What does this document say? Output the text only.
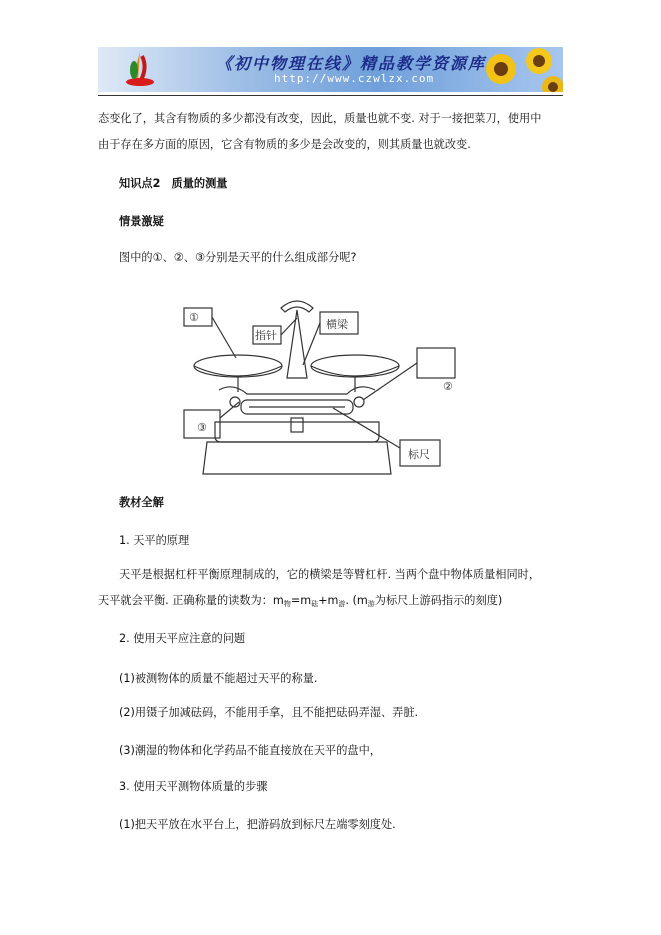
《初中物理在线》精品教学资源库
http://www.czwlzx.com
态变化了，其含有物质的多少都没有改变，因此，质量也就不变. 对于一接把菜刀，使用中
由于存在多方面的原因，它含有物质的多少是会改变的，则其质量也就改变.
知识点2　质量的测量
情景激疑
图中的①、②、③分别是天平的什么组成部分呢?
①
指针
横梁
②
③
标尺
教材全解
1. 天平的原理
天平是根据杠杆平衡原理制成的，它的横梁是等臂杠杆. 当两个盘中物体质量相同时，
天平就会平衡. 正确称量的读数为：$m_物=m_砝+m_游$. ($m_游$为标尺上游码指示的刻度)
2. 使用天平应注意的问题
(1)被测物体的质量不能超过天平的称量.
(2)用镊子加减砝码，不能用手拿，且不能把砝码弄湿、弄脏.
(3)潮湿的物体和化学药品不能直接放在天平的盘中，
3. 使用天平测物体质量的步骤
(1)把天平放在水平台上，把游码放到标尺左端零刻度处.
